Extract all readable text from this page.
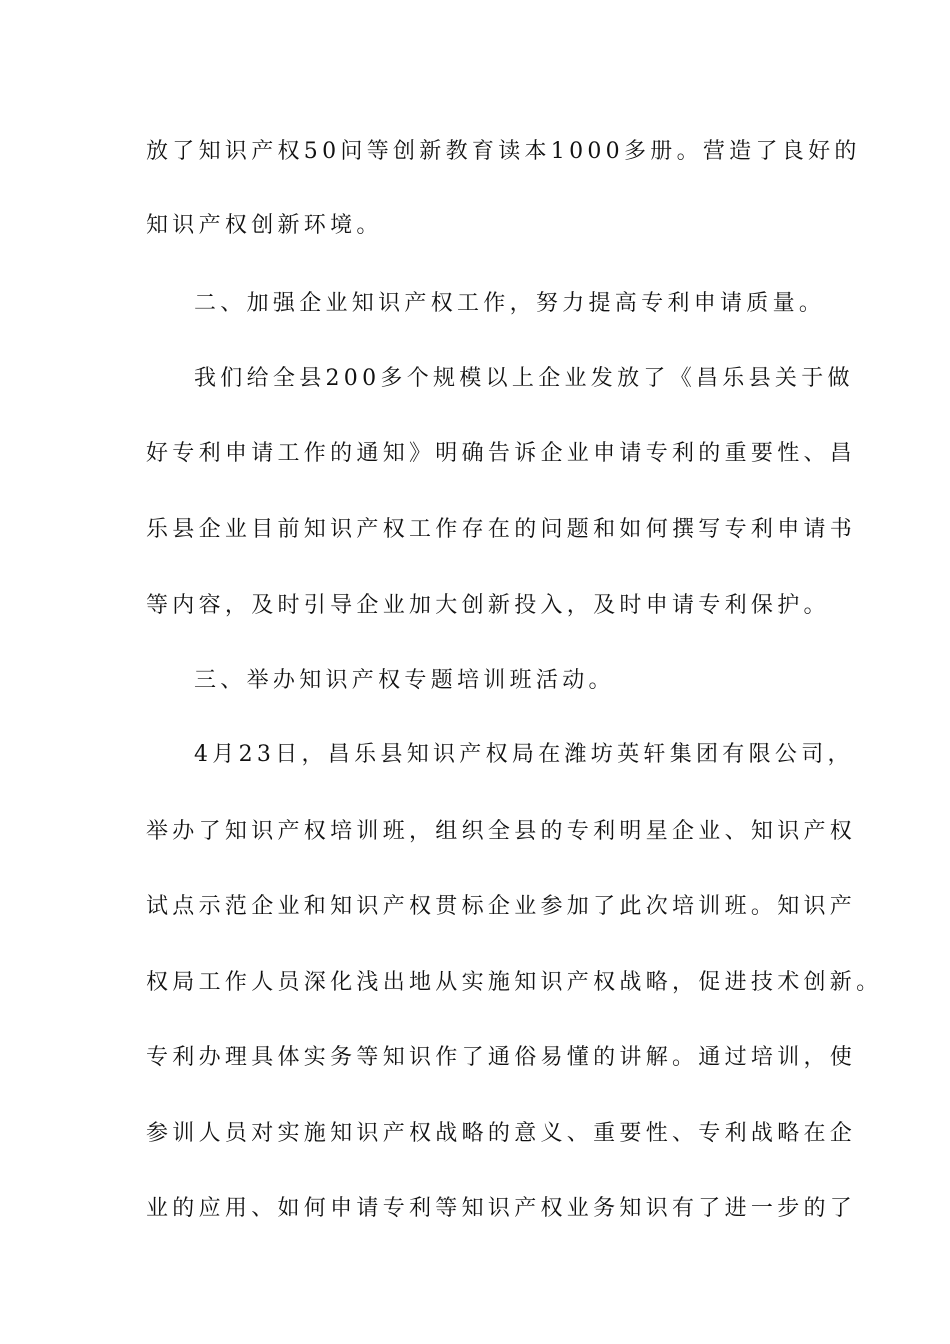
放了知识产权50问等创新教育读本1000多册。营造了良好的
知识产权创新环境。
二、加强企业知识产权工作，努力提高专利申请质量。
我们给全县200多个规模以上企业发放了《昌乐县关于做
好专利申请工作的通知》明确告诉企业申请专利的重要性、昌
乐县企业目前知识产权工作存在的问题和如何撰写专利申请书
等内容，及时引导企业加大创新投入，及时申请专利保护。
三、举办知识产权专题培训班活动。
4月23日，昌乐县知识产权局在潍坊英轩集团有限公司，
举办了知识产权培训班，组织全县的专利明星企业、知识产权
试点示范企业和知识产权贯标企业参加了此次培训班。知识产
权局工作人员深化浅出地从实施知识产权战略，促进技术创新。
专利办理具体实务等知识作了通俗易懂的讲解。通过培训，使
参训人员对实施知识产权战略的意义、重要性、专利战略在企
业的应用、如何申请专利等知识产权业务知识有了进一步的了
